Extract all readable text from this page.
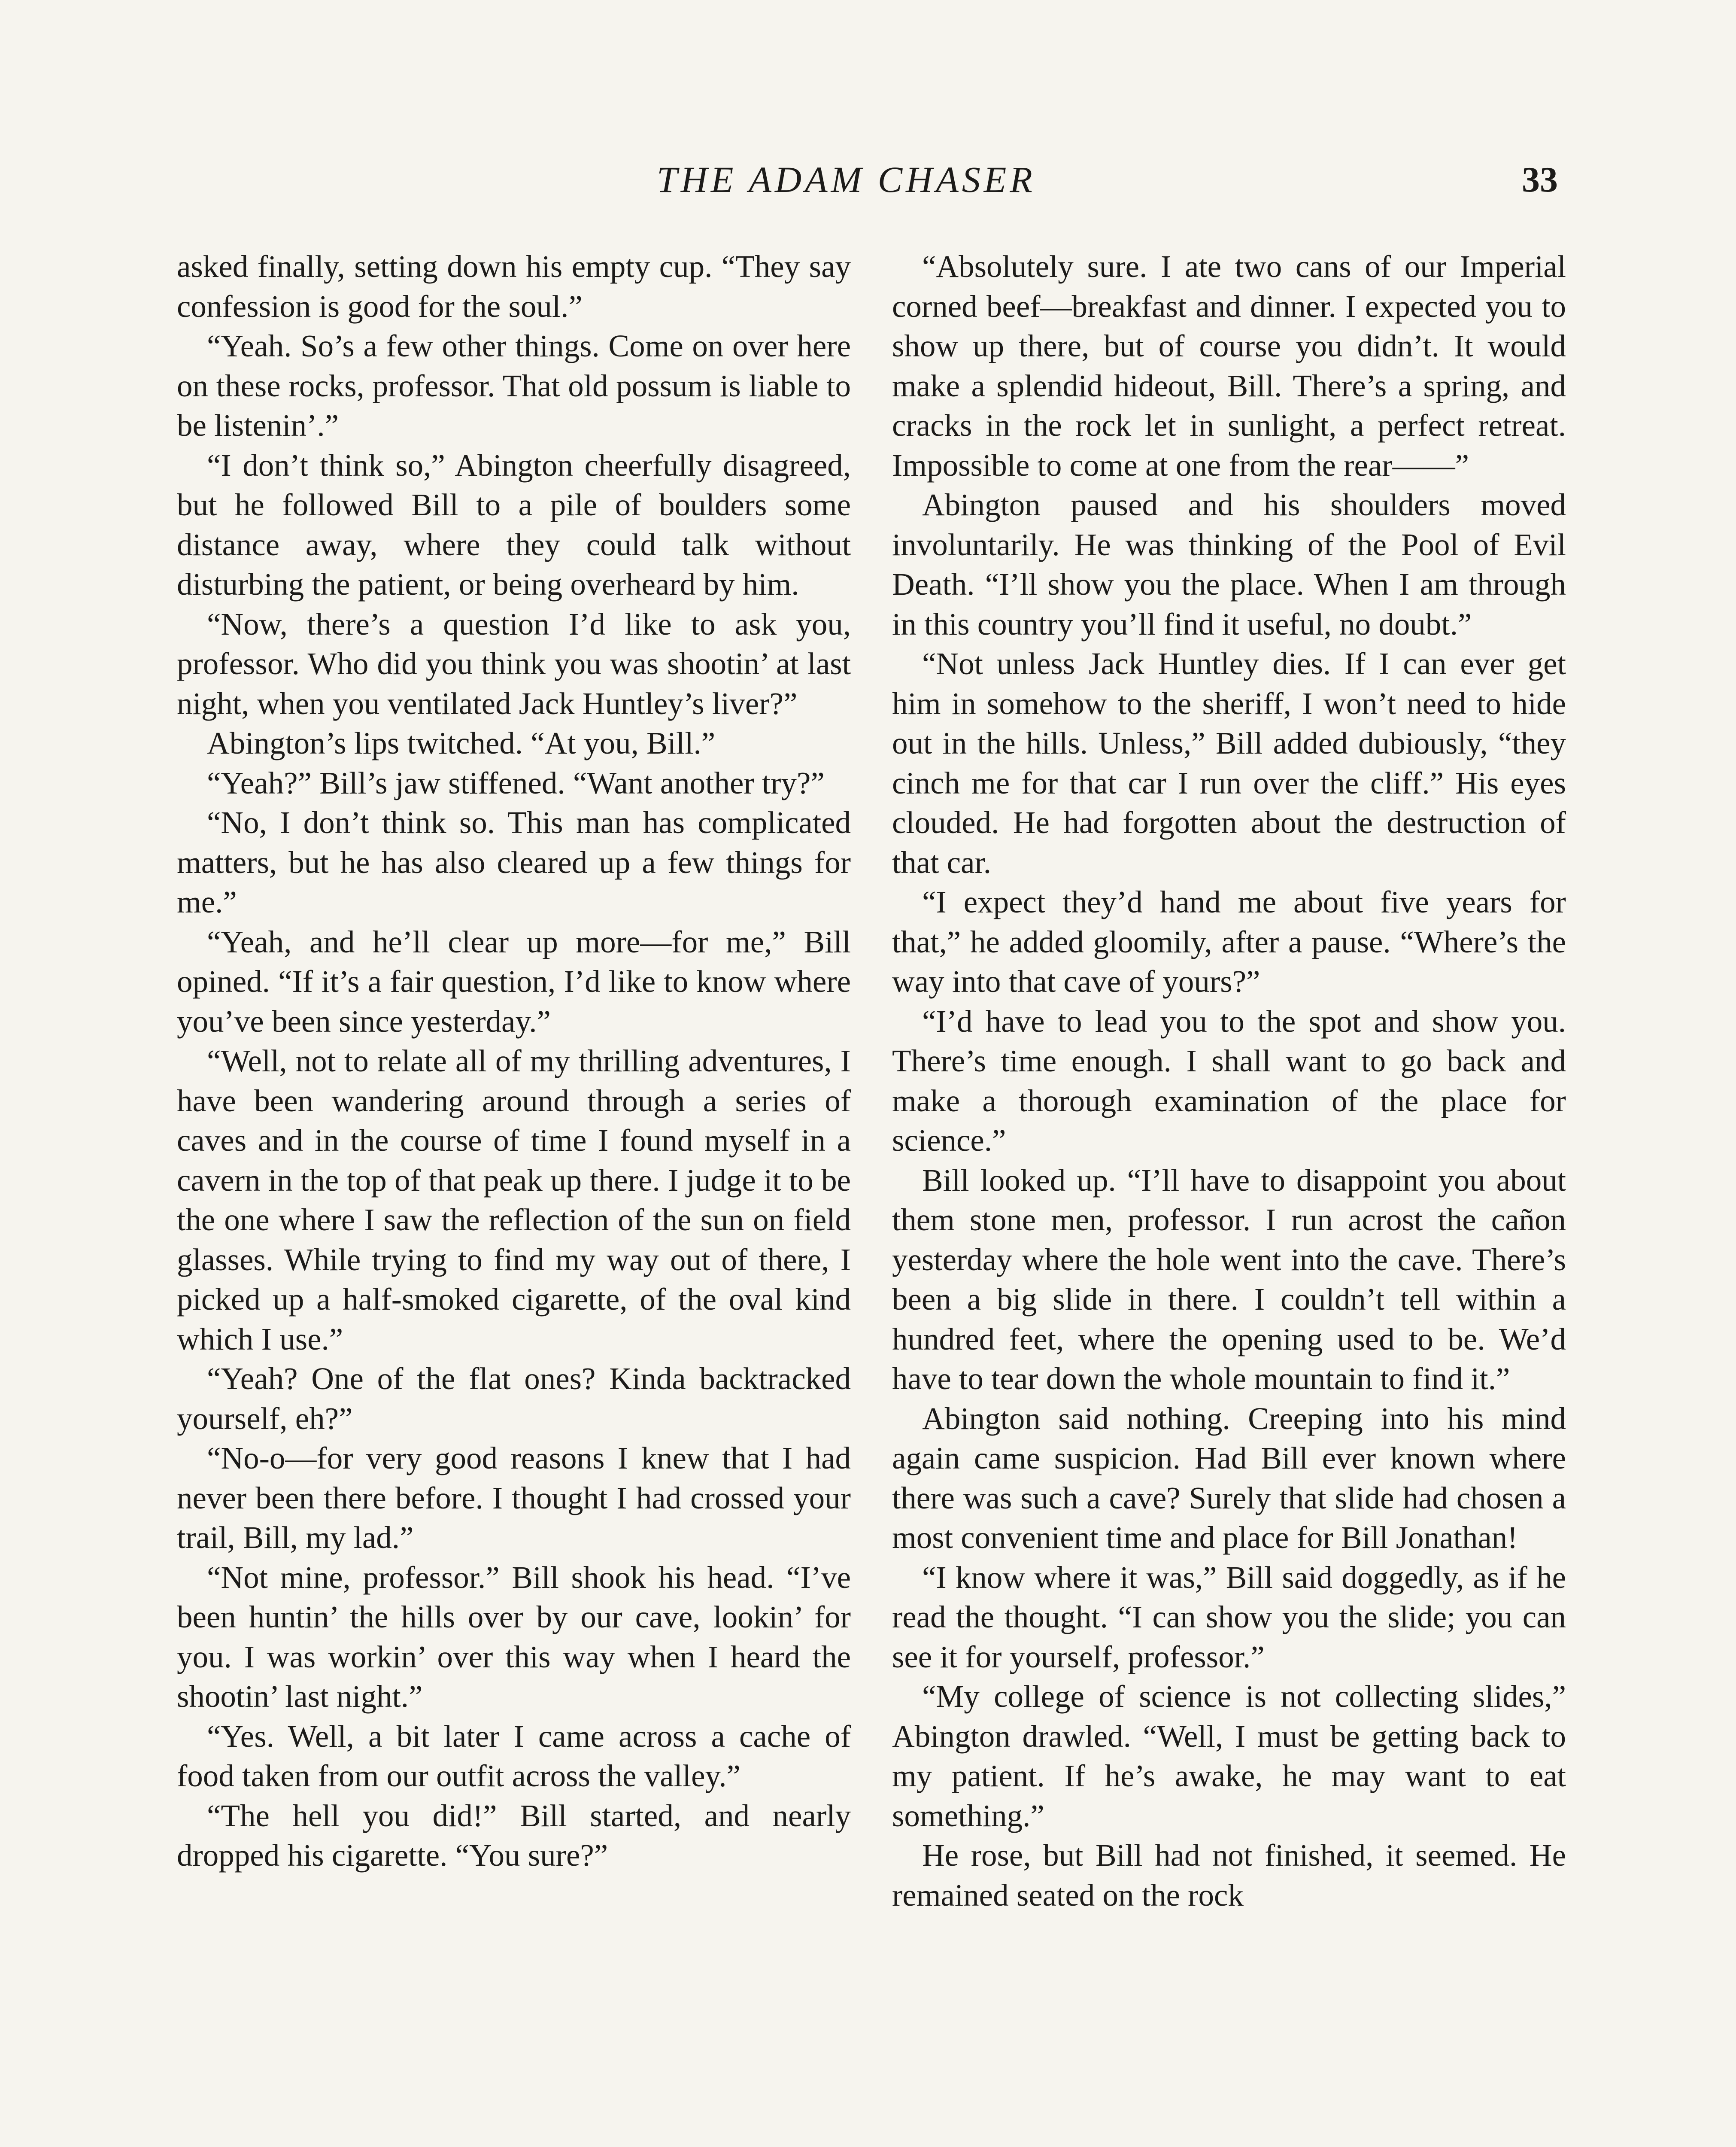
THE ADAM CHASER	33

asked finally, setting down his empty cup. “They say confession is good for the soul.”

“Yeah. So’s a few other things. Come on over here on these rocks, professor. That old possum is liable to be listenin’.”

“I don’t think so,” Abington cheerfully disagreed, but he followed Bill to a pile of boulders some distance away, where they could talk without disturbing the patient, or being overheard by him.

“Now, there’s a question I’d like to ask you, professor. Who did you think you was shootin’ at last night, when you ventilated Jack Huntley’s liver?”

Abington’s lips twitched. “At you, Bill.”

“Yeah?” Bill’s jaw stiffened. “Want another try?”

“No, I don’t think so. This man has complicated matters, but he has also cleared up a few things for me.”

“Yeah, and he’ll clear up more—for me,” Bill opined. “If it’s a fair question, I’d like to know where you’ve been since yesterday.”

“Well, not to relate all of my thrilling adventures, I have been wandering around through a series of caves and in the course of time I found myself in a cavern in the top of that peak up there. I judge it to be the one where I saw the reflection of the sun on field glasses. While trying to find my way out of there, I picked up a half-smoked cigarette, of the oval kind which I use.”

“Yeah? One of the flat ones? Kinda backtracked yourself, eh?”

“No-o—for very good reasons I knew that I had never been there before. I thought I had crossed your trail, Bill, my lad.”

“Not mine, professor.” Bill shook his head. “I’ve been huntin’ the hills over by our cave, lookin’ for you. I was workin’ over this way when I heard the shootin’ last night.”

“Yes. Well, a bit later I came across a cache of food taken from our outfit across the valley.”

“The hell you did!” Bill started, and nearly dropped his cigarette. “You sure?”

“Absolutely sure. I ate two cans of our Imperial corned beef—breakfast and dinner. I expected you to show up there, but of course you didn’t. It would make a splendid hideout, Bill. There’s a spring, and cracks in the rock let in sunlight, a perfect retreat. Impossible to come at one from the rear——”

Abington paused and his shoulders moved involuntarily. He was thinking of the Pool of Evil Death. “I’ll show you the place. When I am through in this country you’ll find it useful, no doubt.”

“Not unless Jack Huntley dies. If I can ever get him in somehow to the sheriff, I won’t need to hide out in the hills. Unless,” Bill added dubiously, “they cinch me for that car I run over the cliff.” His eyes clouded. He had forgotten about the destruction of that car.

“I expect they’d hand me about five years for that,” he added gloomily, after a pause. “Where’s the way into that cave of yours?”

“I’d have to lead you to the spot and show you. There’s time enough. I shall want to go back and make a thorough examination of the place for science.”

Bill looked up. “I’ll have to disappoint you about them stone men, professor. I run acrost the cañon yesterday where the hole went into the cave. There’s been a big slide in there. I couldn’t tell within a hundred feet, where the opening used to be. We’d have to tear down the whole mountain to find it.”

Abington said nothing. Creeping into his mind again came suspicion. Had Bill ever known where there was such a cave? Surely that slide had chosen a most convenient time and place for Bill Jonathan!

“I know where it was,” Bill said doggedly, as if he read the thought. “I can show you the slide; you can see it for yourself, professor.”

“My college of science is not collecting slides,” Abington drawled. “Well, I must be getting back to my patient. If he’s awake, he may want to eat something.”

He rose, but Bill had not finished, it seemed. He remained seated on the rock
